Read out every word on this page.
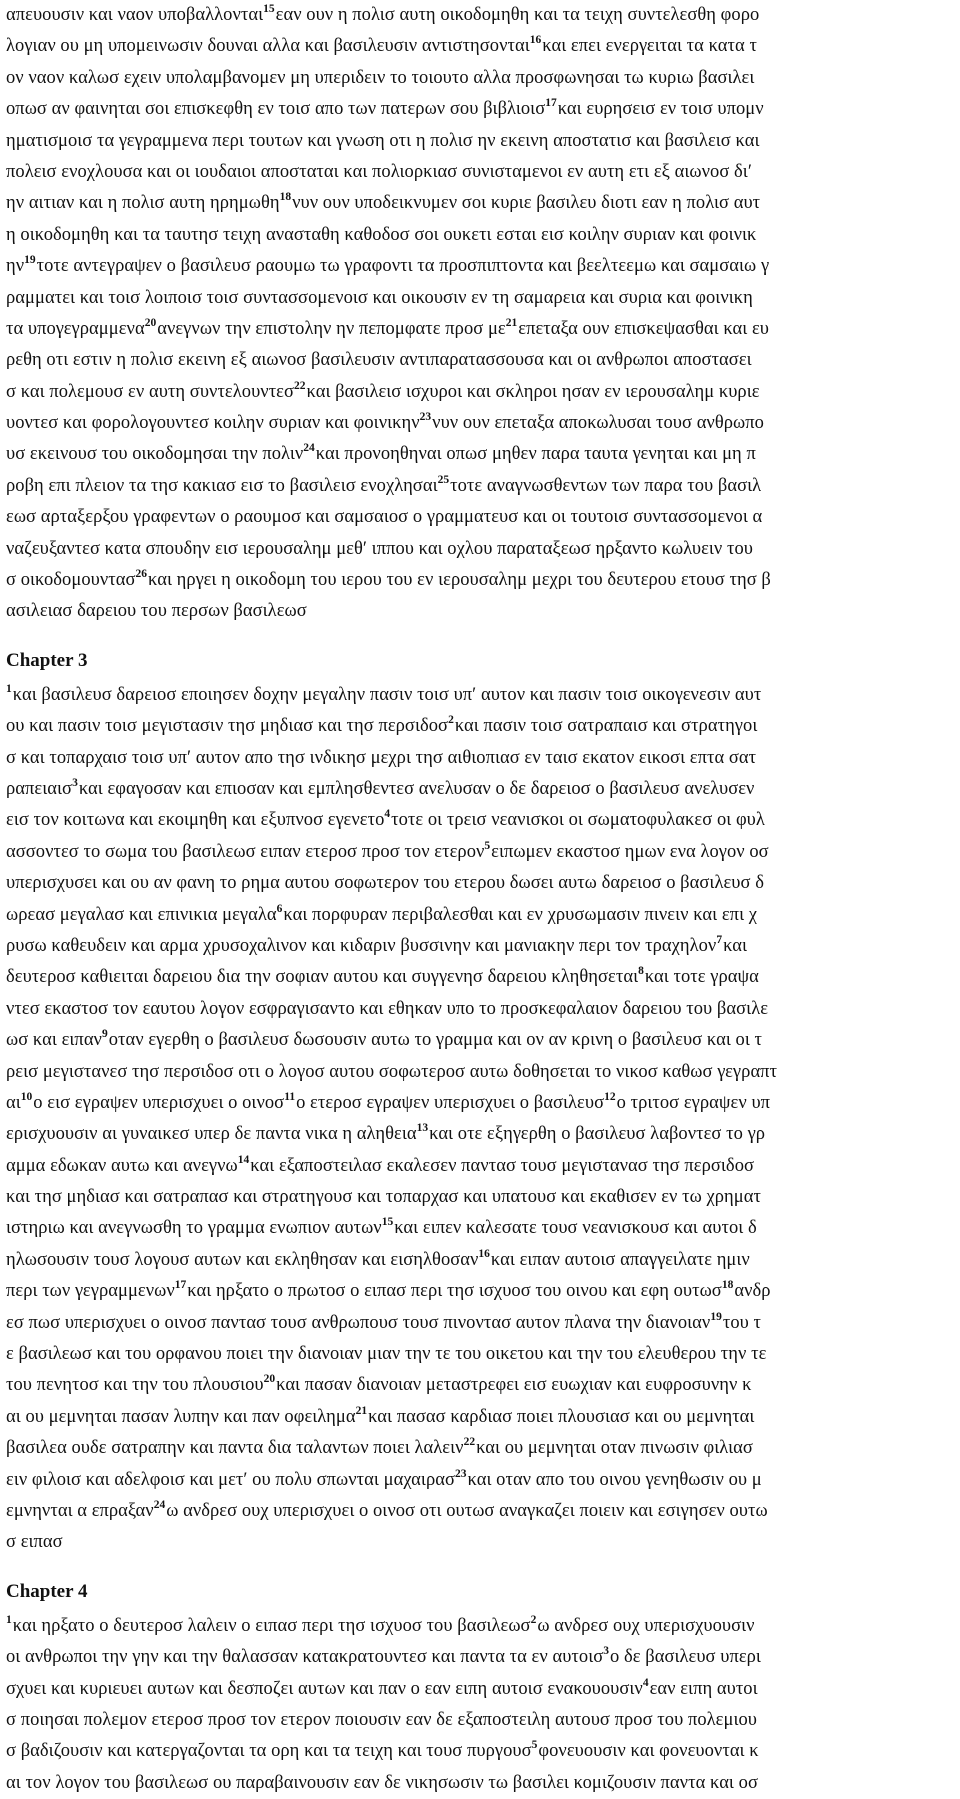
απευουσιν και ναον υποβαλλονται$^{15}$εαν ουν η πολισ αυτη οικοδομηθη και τα τειχη συντελεσθη φορο
λογιαν ου μη υπομεινωσιν δουναι αλλα και βασιλευσιν αντιστησονται$^{16}$και επει ενεργειται τα κατα τ
ον ναον καλωσ εχειν υπολαμβανομεν μη υπεριδειν το τοιουτο αλλα προσφωνησαι τω κυριω βασιλει
οπωσ αν φαινηται σοι επισκεφθη εν τοισ απο των πατερων σου βιβλιοισ$^{17}$και ευρησεισ εν τοισ υπομν
ηματισμοισ τα γεγραμμενα περι τουτων και γνωση οτι η πολισ ην εκεινη αποστατισ και βασιλεισ και
πολεισ ενοχλουσα και οι ιουδαιοι αποσταται και πολιορκιασ συνισταμενοι εν αυτη ετι εξ αιωνοσ δι′
ην αιτιαν και η πολισ αυτη ηρημωθη$^{18}$νυν ουν υποδεικνυμεν σοι κυριε βασιλευ διοτι εαν η πολισ αυτ
η οικοδομηθη και τα ταυτησ τειχη ανασταθη καθοδοσ σοι ουκετι εσται εισ κοιλην συριαν και φοινικ
$\eta\nu^{19}\tau o\tau\varepsilon$ αντεγραψεν ο βασιλευσ ραουμω τω γραφοντι τα προσπιπτοντα και βεελτεεμω και σαμσαιω γ
ραμματει και τοισ λοιποισ τοισ συντασσομενοισ και οικουσιν εν τη σαμαρεια και συρια και φοινικη
τα υπογεγραμμενα$^{20}$ανεγνων την επιστολην ην πεπομφατε προσ $\mu\varepsilon^{21}\varepsilon\pi\varepsilon\tau\alpha\xi\alpha$ ουν επισκεψασθαι και ευ
ρεθη οτι εστιν η πολισ εκεινη εξ αιωνοσ βασιλευσιν αντιπαρατασσουσα και οι ανθρωποι αποστασει
σ και πολεμουσ εν αυτη συντελουντεσ$^{22}$και βασιλεισ ισχυροι και σκληροι ησαν εν ιερουσαλημ κυριε
υοντεσ και φορολογουντεσ κοιλην συριαν και φοινικην$^{23}$νυν ουν επεταξα αποκωλυσαι τουσ ανθρωπο
υσ εκεινουσ του οικοδομησαι την πολιν$^{24}$και προνοηθηναι οπωσ μηθεν παρα ταυτα γενηται και μη π
ροβη επι πλειον τα τησ κακιασ εισ το βασιλεισ ενοχλησαι$^{25}$τοτε αναγνωσθεντων των παρα του βασιλ
εωσ αρταξερξου γραφεντων ο ραουμοσ και σαμσαιοσ ο γραμματευσ και οι τουτοισ συντασσομενοι α
ναζευξαντεσ κατα σπουδην εισ ιερουσαλημ μεθ′ ιππου και οχλου παραταξεωσ ηρξαντο κωλυειν του
σ οικοδομουντασ$^{26}$και ηργει η οικοδομη του ιερου του εν ιερουσαλημ μεχρι του δευτερου ετουσ τησ β
ασιλειασ δαρειου του περσων βασιλεωσ
Chapter 3
$^1$και βασιλευσ δαρειοσ εποιησεν δοχην μεγαλην πασιν τοισ υπ′ αυτον και πασιν τοισ οικογενεσιν αυτ
ου και πασιν τοισ μεγιστασιν τησ μηδιασ και τησ περσιδοσ$^2$και πασιν τοισ σατραπαισ και στρατηγοι
σ και τοπαρχαισ τοισ υπ′ αυτον απο τησ ινδικησ μεχρι τησ αιθιοπιασ εν ταισ εκατον εικοσι επτα σατ
ραπειαισ$^3$και εφαγοσαν και επιοσαν και εμπλησθεντεσ ανελυσαν ο δε δαρειοσ ο βασιλευσ ανελυσεν
εισ τον κοιτωνα και εκοιμηθη και εξυπνοσ εγενετο$^4$τοτε οι τρεισ νεανισκοι οι σωματοφυλακεσ οι φυλ
ασσοντεσ το σωμα του βασιλεωσ ειπαν ετεροσ προσ τον ετερον$^5$ειπωμεν εκαστοσ ημων ενα λογον οσ
υπερισχυσει και ου αν φανη το ρημα αυτου σοφωτερον του ετερου δωσει αυτω δαρειοσ ο βασιλευσ δ
ωρεασ μεγαλασ και επινικια μεγαλα$^6$και πορφυραν περιβαλεσθαι και εν χρυσωμασιν πινειν και επι χ
ρυσω καθευδειν και αρμα χρυσοχαλινον και κιδαριν βυσσινην και μανιακην περι τον τραχηλον$^7$και
δευτεροσ καθιειται δαρειου δια την σοφιαν αυτου και συγγενησ δαρειου κληθησεται$^8$και τοτε γραψα
ντεσ εκαστοσ τον εαυτου λογον εσφραγισαντο και εθηκαν υπο το προσκεφαλαιον δαρειου του βασιλε
ωσ και ειπαν$^9$οταν εγερθη ο βασιλευσ δωσουσιν αυτω το γραμμα και ον αν κρινη ο βασιλευσ και οι τ
ρεισ μεγιστανεσ τησ περσιδοσ οτι ο λογοσ αυτου σοφωτεροσ αυτω δοθησεται το νικοσ καθωσ γεγραπτ
$\alpha\iota^{10}o$ εισ εγραψεν υπερισχυει ο οινοσ$^{11}$ο ετεροσ εγραψεν υπερισχυει ο βασιλευσ$^{12}$ο τριτοσ εγραψεν υπ
ερισχυουσιν αι γυναικεσ υπερ δε παντα νικα η αληθεια$^{13}$και οτε εξηγερθη ο βασιλευσ λαβοντεσ το γρ
αμμα εδωκαν αυτω και ανεγνω$^{14}$και εξαποστειλασ εκαλεσεν παντασ τουσ μεγιστανασ τησ περσιδοσ
και τησ μηδιασ και σατραπασ και στρατηγουσ και τοπαρχασ και υπατουσ και εκαθισεν εν τω χρηματ
ιστηριω και ανεγνωσθη το γραμμα ενωπιον αυτων$^{15}$και ειπεν καλεσατε τουσ νεανισκουσ και αυτοι δ
ηλωσουσιν τουσ λογουσ αυτων και εκληθησαν και εισηλθοσαν$^{16}$και ειπαν αυτοισ απαγγειλατε ημιν
περι των γεγραμμενων$^{17}$και ηρξατο ο πρωτοσ ο ειπασ περι τησ ισχυοσ του οινου και εφη ουτωσ$^{18}$ανδρ
εσ πωσ υπερισχυει ο οινοσ παντασ τουσ ανθρωπουσ τουσ πινοντασ αυτον πλανα την διανοιαν$^{19}$του τ
ε βασιλεωσ και του ορφανου ποιει την διανοιαν μιαν την τε του οικετου και την του ελευθερου την τε
του πενητοσ και την του πλουσιου$^{20}$και πασαν διανοιαν μεταστρεφει εισ ευωχιαν και ευφροσυνην κ
αι ου μεμνηται πασαν λυπην και παν οφειλημα$^{21}$και πασασ καρδιασ ποιει πλουσιασ και ου μεμνηται
βασιλεα ουδε σατραπην και παντα δια ταλαντων ποιει λαλειν$^{22}$και ου μεμνηται οταν πινωσιν φιλιασ
ειν φιλοισ και αδελφοισ και μετ′ ου πολυ σπωνται μαχαιρασ$^{23}$και οταν απο του οινου γενηθωσιν ου μ
εμνηνται α επραξαν$^{24}$ω ανδρεσ ουχ υπερισχυει ο οινοσ οτι ουτωσ αναγκαζει ποιειν και εσιγησεν ουτω
σ ειπασ
Chapter 4
$^1$και ηρξατο ο δευτεροσ λαλειν ο ειπασ περι τησ ισχυοσ του βασιλεωσ$^2$ω ανδρεσ ουχ υπερισχυουσιν
οι ανθρωποι την γην και την θαλασσαν κατακρατουντεσ και παντα τα εν αυτοισ$^3$ο δε βασιλευσ υπερι
σχυει και κυριευει αυτων και δεσποζει αυτων και παν ο εαν ειπη αυτοισ ενακουουσιν$^4$εαν ειπη αυτοι
σ ποιησαι πολεμον ετεροσ προσ τον ετερον ποιουσιν εαν δε εξαποστειλη αυτουσ προσ του πολεμιου
σ βαδιζουσιν και κατεργαζονται τα ορη και τα τειχη και τουσ πυργουσ$^5$φονευουσιν και φονευονται κ
αι τον λογον του βασιλεωσ ου παραβαινουσιν εαν δε νικησωσιν τω βασιλει κομιζουσιν παντα και οσ
